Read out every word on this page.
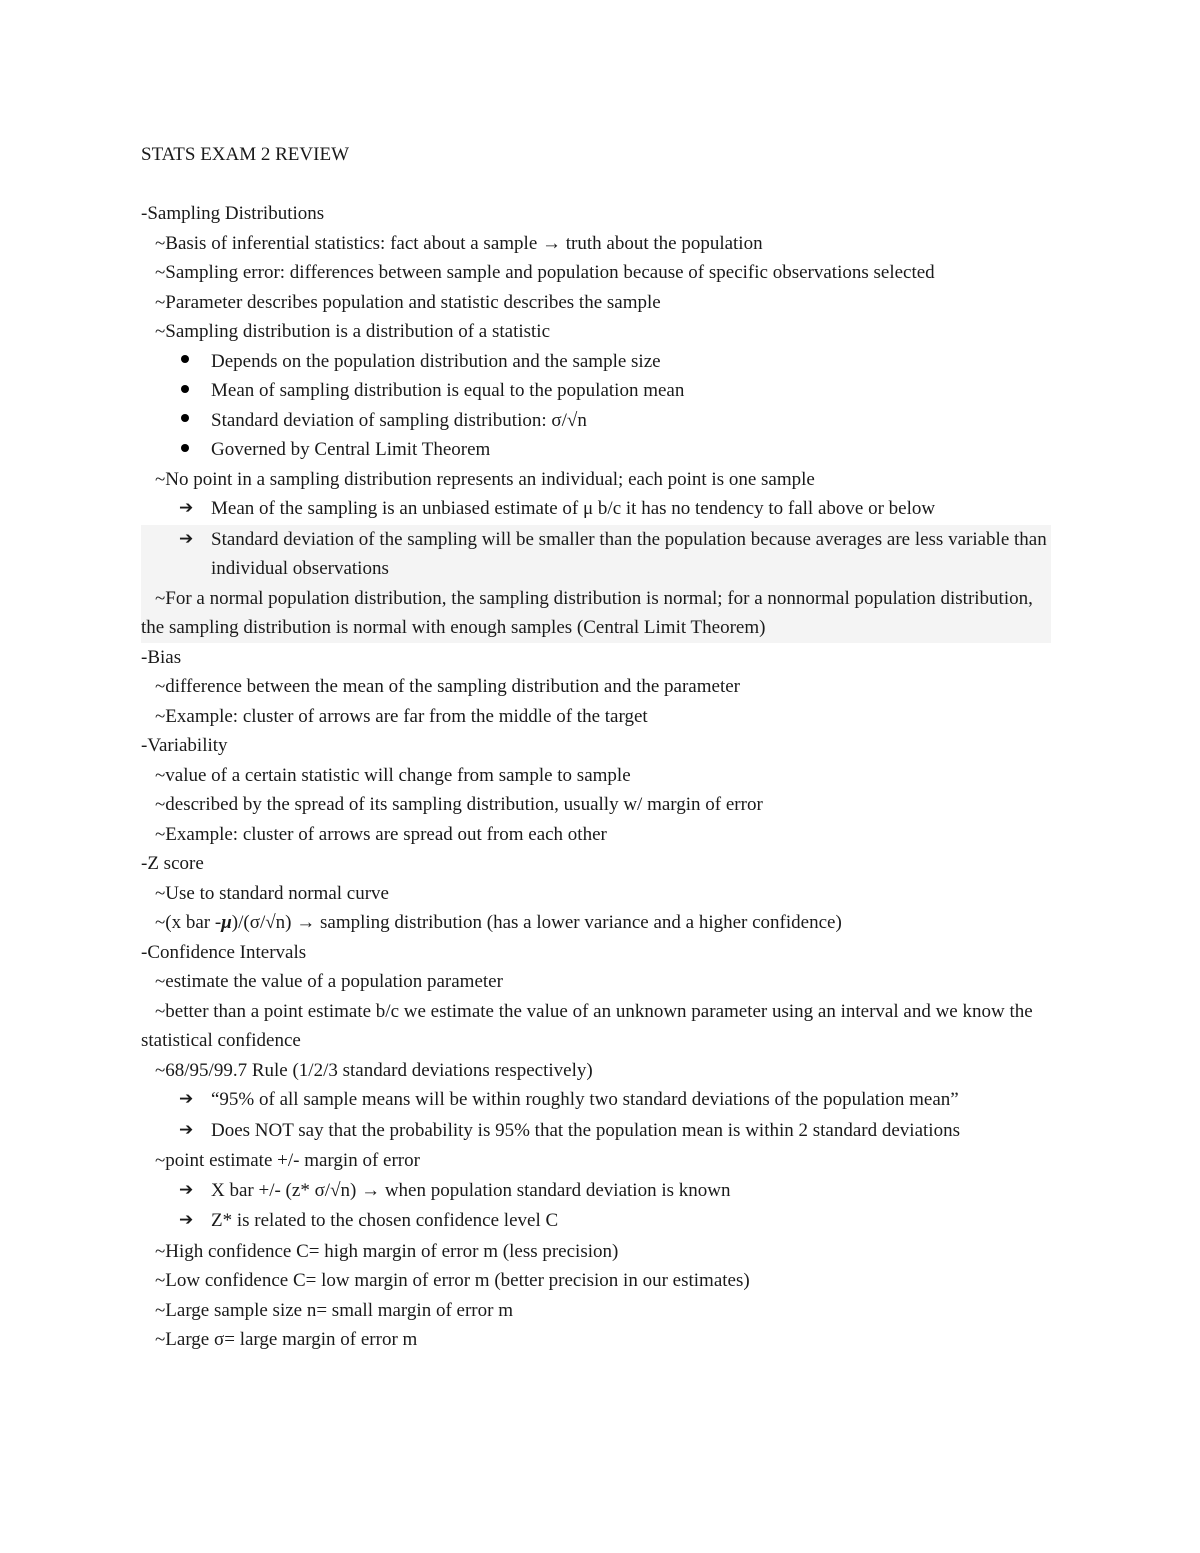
STATS EXAM 2 REVIEW
-Sampling Distributions
~Basis of inferential statistics: fact about a sample → truth about the population
~Sampling error: differences between sample and population because of specific observations selected
~Parameter describes population and statistic describes the sample
~Sampling distribution is a distribution of a statistic
Depends on the population distribution and the sample size
Mean of sampling distribution is equal to the population mean
Standard deviation of sampling distribution: σ/√n
Governed by Central Limit Theorem
~No point in a sampling distribution represents an individual; each point is one sample
➔ Mean of the sampling is an unbiased estimate of μ b/c it has no tendency to fall above or below
➔ Standard deviation of the sampling will be smaller than the population because averages are less variable than individual observations
~For a normal population distribution, the sampling distribution is normal; for a nonnormal population distribution, the sampling distribution is normal with enough samples (Central Limit Theorem)
-Bias
~difference between the mean of the sampling distribution and the parameter
~Example: cluster of arrows are far from the middle of the target
-Variability
~value of a certain statistic will change from sample to sample
~described by the spread of its sampling distribution, usually w/ margin of error
~Example: cluster of arrows are spread out from each other
-Z score
~Use to standard normal curve
~(x bar -μ)/(σ/√n) → sampling distribution (has a lower variance and a higher confidence)
-Confidence Intervals
~estimate the value of a population parameter
~better than a point estimate b/c we estimate the value of an unknown parameter using an interval and we know the statistical confidence
~68/95/99.7 Rule (1/2/3 standard deviations respectively)
➔ “95% of all sample means will be within roughly two standard deviations of the population mean”
➔ Does NOT say that the probability is 95% that the population mean is within 2 standard deviations
~point estimate +/- margin of error
➔ X bar +/- (z* σ/√n) → when population standard deviation is known
➔ Z* is related to the chosen confidence level C
~High confidence C= high margin of error m (less precision)
~Low confidence C= low margin of error m (better precision in our estimates)
~Large sample size n= small margin of error m
~Large σ= large margin of error m
